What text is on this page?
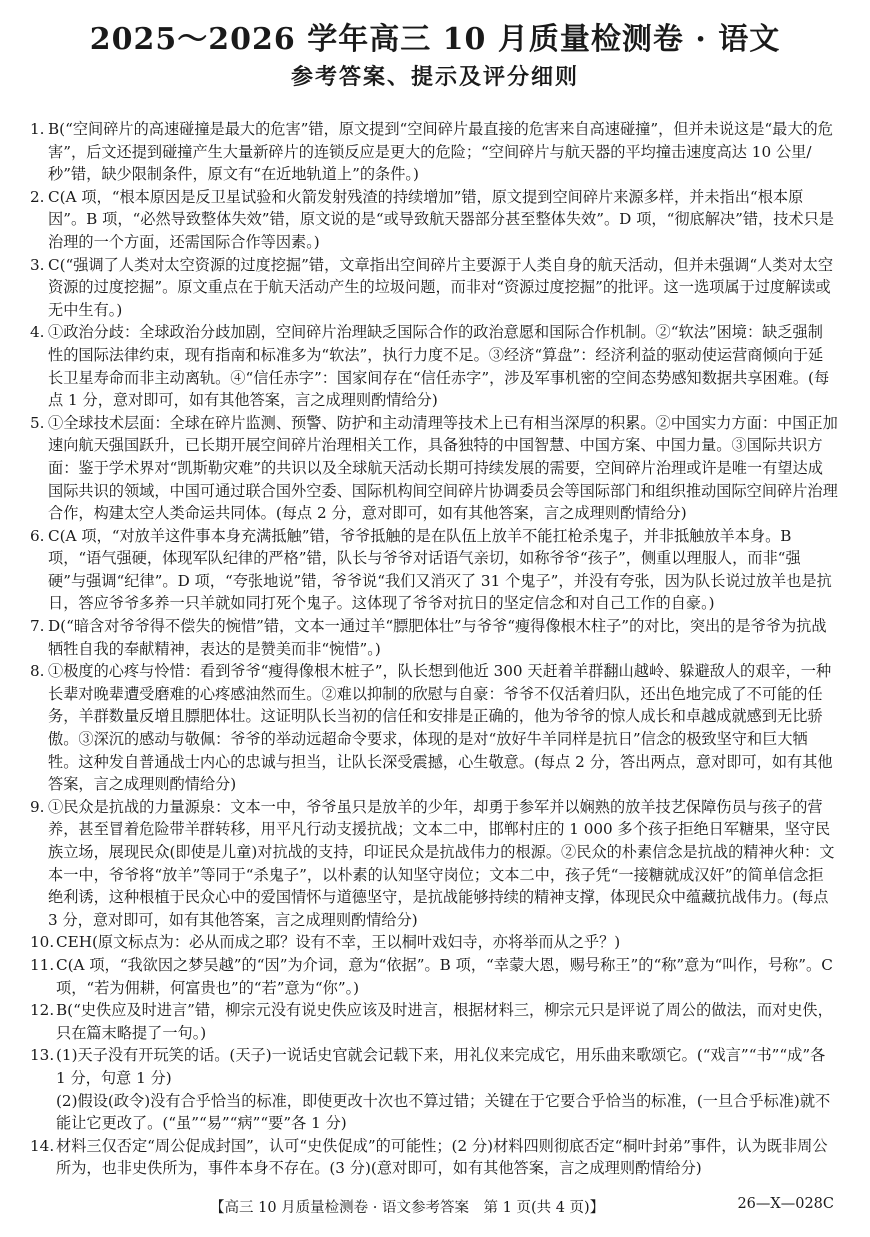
2025～2026 学年高三 10 月质量检测卷 · 语文
参考答案、提示及评分细则
1. B(“空间碎片的高速碰撞是最大的危害”错，原文提到“空间碎片最直接的危害来自高速碰撞”，但并未说这是“最大的危害”，后文还提到碰撞产生大量新碎片的连锁反应是更大的危险；“空间碎片与航天器的平均撞击速度高达 10 公里/秒”错，缺少限制条件，原文有“在近地轨道上”的条件。)

2. C(A 项，“根本原因是反卫星试验和火箭发射残渣的持续增加”错，原文提到空间碎片来源多样，并未指出“根本原因”。B 项，“必然导致整体失效”错，原文说的是“或导致航天器部分甚至整体失效”。D 项，“彻底解决”错，技术只是治理的一个方面，还需国际合作等因素。)

3. C(“强调了人类对太空资源的过度挖掘”错，文章指出空间碎片主要源于人类自身的航天活动，但并未强调“人类对太空资源的过度挖掘”。原文重点在于航天活动产生的垃圾问题，而非对“资源过度挖掘”的批评。这一选项属于过度解读或无中生有。)

4. ①政治分歧：全球政治分歧加剧，空间碎片治理缺乏国际合作的政治意愿和国际合作机制。②“软法”困境：缺乏强制性的国际法律约束，现有指南和标准多为“软法”，执行力度不足。③经济“算盘”：经济利益的驱动使运营商倾向于延长卫星寿命而非主动离轨。④“信任赤字”：国家间存在“信任赤字”，涉及军事机密的空间态势感知数据共享困难。(每点 1 分，意对即可，如有其他答案，言之成理则酌情给分)

5. ①全球技术层面：全球在碎片监测、预警、防护和主动清理等技术上已有相当深厚的积累。②中国实力方面：中国正加速向航天强国跃升，已长期开展空间碎片治理相关工作，具备独特的中国智慧、中国方案、中国力量。③国际共识方面：鉴于学术界对“凯斯勒灾难”的共识以及全球航天活动长期可持续发展的需要，空间碎片治理或许是唯一有望达成国际共识的领域，中国可通过联合国外空委、国际机构间空间碎片协调委员会等国际部门和组织推动国际空间碎片治理合作，构建太空人类命运共同体。(每点 2 分，意对即可，如有其他答案，言之成理则酌情给分)

6. C(A 项，“对放羊这件事本身充满抵触”错，爷爷抵触的是在队伍上放羊不能扛枪杀鬼子，并非抵触放羊本身。B 项，“语气强硬，体现军队纪律的严格”错，队长与爷爷对话语气亲切，如称爷爷“孩子”，侧重以理服人，而非“强硬”与强调“纪律”。D 项，“夸张地说”错，爷爷说“我们又消灭了 31 个鬼子”，并没有夸张，因为队长说过放羊也是抗日，答应爷爷多养一只羊就如同打死个鬼子。这体现了爷爷对抗日的坚定信念和对自己工作的自豪。)

7. D(“暗含对爷爷得不偿失的惋惜”错，文本一通过羊“膘肥体壮”与爷爷“瘦得像根木柱子”的对比，突出的是爷爷为抗战牺牲自我的奉献精神，表达的是赞美而非“惋惜”。)

8. ①极度的心疼与怜惜：看到爷爷“瘦得像根木桩子”，队长想到他近 300 天赶着羊群翻山越岭、躲避敌人的艰辛，一种长辈对晚辈遭受磨难的心疼感油然而生。②难以抑制的欣慰与自豪：爷爷不仅活着归队，还出色地完成了不可能的任务，羊群数量反增且膘肥体壮。这证明队长当初的信任和安排是正确的，他为爷爷的惊人成长和卓越成就感到无比骄傲。③深沉的感动与敬佩：爷爷的举动远超命令要求，体现的是对“放好牛羊同样是抗日”信念的极致坚守和巨大牺牲。这种发自普通战士内心的忠诚与担当，让队长深受震撼，心生敬意。(每点 2 分，答出两点，意对即可，如有其他答案，言之成理则酌情给分)

9. ①民众是抗战的力量源泉：文本一中，爷爷虽只是放羊的少年，却勇于参军并以娴熟的放羊技艺保障伤员与孩子的营养，甚至冒着危险带羊群转移，用平凡行动支援抗战；文本二中，邯郸村庄的 1 000 多个孩子拒绝日军糖果，坚守民族立场，展现民众(即使是儿童)对抗战的支持，印证民众是抗战伟力的根源。②民众的朴素信念是抗战的精神火种：文本一中，爷爷将“放羊”等同于“杀鬼子”，以朴素的认知坚守岗位；文本二中，孩子凭“一接糖就成汉奸”的简单信念拒绝利诱，这种根植于民众心中的爱国情怀与道德坚守，是抗战能够持续的精神支撑，体现民众中蕴藏抗战伟力。(每点 3 分，意对即可，如有其他答案，言之成理则酌情给分)

10. CEH(原文标点为：必从而成之耶？设有不幸，王以桐叶戏妇寺，亦将举而从之乎？)

11. C(A 项，“我欲因之梦吴越”的“因”为介词，意为“依据”。B 项，“幸蒙大恩，赐号称王”的“称”意为“叫作，号称”。C 项，“若为佣耕，何富贵也”的“若”意为“你”。)

12. B(“史佚应及时进言”错，柳宗元没有说史佚应该及时进言，根据材料三，柳宗元只是评说了周公的做法，而对史佚，只在篇末略提了一句。)

13. (1)天子没有开玩笑的话。(天子)一说话史官就会记载下来，用礼仪来完成它，用乐曲来歌颂它。(“戏言”“书”“成”各 1 分，句意 1 分)

(2)假设(政令)没有合乎恰当的标准，即使更改十次也不算过错；关键在于它要合乎恰当的标准，(一旦合乎标准)就不能让它更改了。(“虽”“易”“病”“要”各 1 分)

14. 材料三仅否定“周公促成封国”，认可“史佚促成”的可能性；(2 分)材料四则彻底否定“桐叶封弟”事件，认为既非周公所为，也非史佚所为，事件本身不存在。(3 分)(意对即可，如有其他答案，言之成理则酌情给分)

【高三 10 月质量检测卷 · 语文参考答案　第 1 页(共 4 页)】	26—X—028C
